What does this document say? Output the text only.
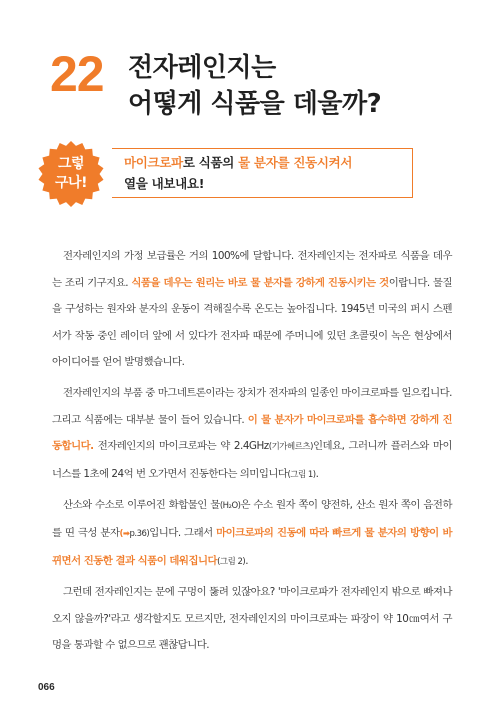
22 전자레인지는
어떻게 식품을 데울까?
그렇
구나!
마이크로파로 식품의 물 분자를 진동시켜서
열을 내보내요!

전자레인지의 가정 보급률은 거의 100%에 달합니다. 전자레인지는 전자파로 식품을 데우는 조리 기구지요. 식품을 데우는 원리는 바로 물 분자를 강하게 진동시키는 것이랍니다. 물질을 구성하는 원자와 분자의 운동이 격해질수록 온도는 높아집니다. 1945년 미국의 퍼시 스펜서가 작동 중인 레이더 앞에 서 있다가 전자파 때문에 주머니에 있던 초콜릿이 녹은 현상에서 아이디어를 얻어 발명했습니다.

전자레인지의 부품 중 마그네트론이라는 장치가 전자파의 일종인 마이크로파를 일으킵니다. 그리고 식품에는 대부분 물이 들어 있습니다. 이 물 분자가 마이크로파를 흡수하면 강하게 진동합니다. 전자레인지의 마이크로파는 약 2.4GHz(기가헤르츠)인데요, 그러니까 플러스와 마이너스를 1초에 24억 번 오가면서 진동한다는 의미입니다(그림 1).

산소와 수소로 이루어진 화합물인 물(H₂O)은 수소 원자 쪽이 양전하, 산소 원자 쪽이 음전하를 띤 극성 분자(➡p.36)입니다. 그래서 마이크로파의 진동에 따라 빠르게 물 분자의 방향이 바뀌면서 진동한 결과 식품이 데워집니다(그림 2).

그런데 전자레인지는 문에 구멍이 뚫려 있잖아요? '마이크로파가 전자레인지 밖으로 빠져나오지 않을까?'라고 생각할지도 모르지만, 전자레인지의 마이크로파는 파장이 약 10㎝여서 구멍을 통과할 수 없으므로 괜찮답니다.

066
